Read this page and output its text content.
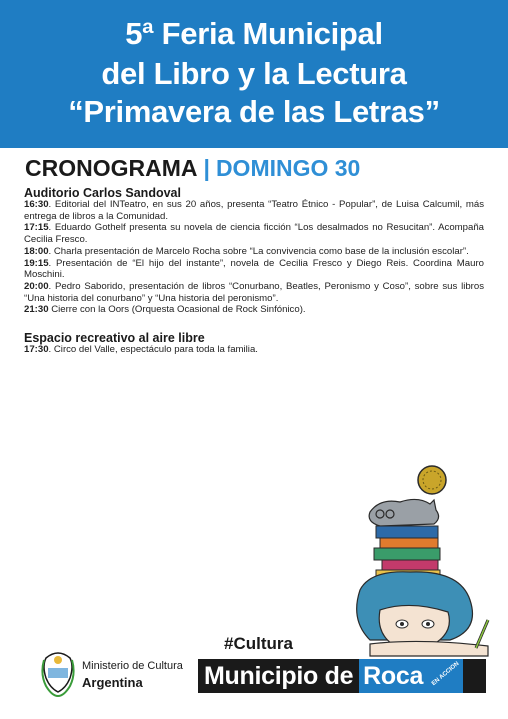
5ª Feria Municipal
del Libro y la Lectura
“Primavera de las Letras”
CRONOGRAMA | DOMINGO 30
Auditorio Carlos Sandoval

16:30. Editorial del INTeatro, en sus 20 años, presenta “Teatro Étnico - Popular”, de Luisa Calcumil, más entrega de libros a la Comunidad.

17:15. Eduardo Gothelf presenta su novela de ciencia ficción “Los desalmados no Resucitan”. Acompaña Cecilia Fresco.

18:00. Charla presentación de Marcelo Rocha sobre “La convivencia como base de la inclusión escolar”.

19:15. Presentación de “El hijo del instante”, novela de Cecilia Fresco y Diego Reis. Coordina Mauro Moschini.

20:00. Pedro Saborido, presentación de libros “Conurbano, Beatles, Peronismo y Coso”, sobre sus libros “Una historia del conurbano” y “Una historia del peronismo”.

21:30 Cierre con la Oors (Orquesta Ocasional de Rock Sinfónico).

Espacio recreativo al aire libre

17:30. Circo del Valle, espectáculo para toda la familia.

Ministerio de Cultura
Argentina
#Cultura
Municipio de Roca	EN ACCION
